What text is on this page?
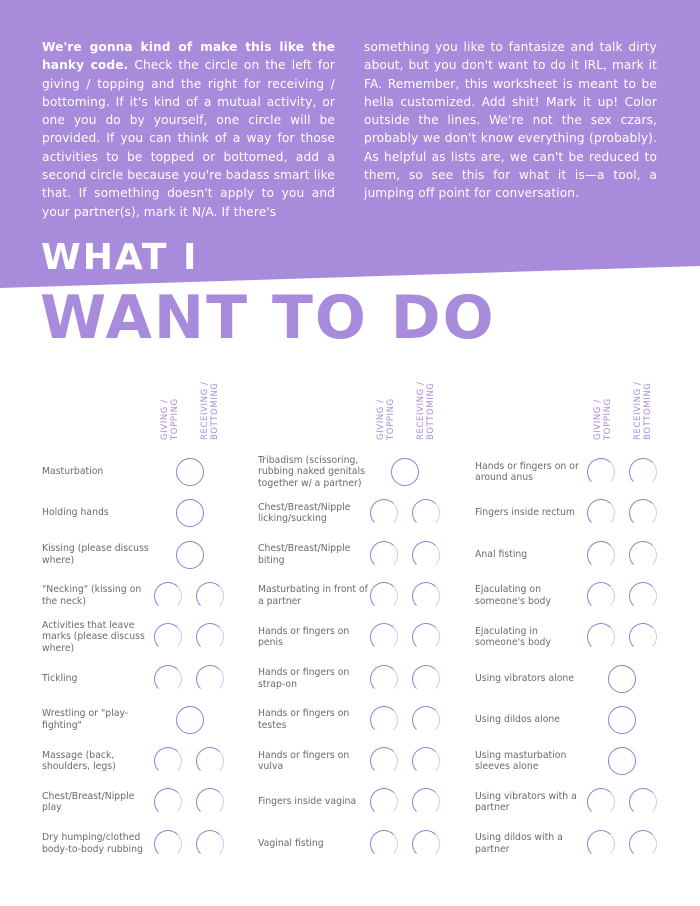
We're gonna kind of make this like the hanky code. Check the circle on the left for giving / topping and the right for receiving / bottoming. If it's kind of a mutual activity, or one you do by yourself, one circle will be provided. If you can think of a way for those activities to be topped or bottomed, add a second circle because you're badass smart like that. If something doesn't apply to you and your partner(s), mark it N/A. If there's
something you like to fantasize and talk dirty about, but you don't want to do it IRL, mark it FA. Remember, this worksheet is meant to be hella customized. Add shit! Mark it up! Color outside the lines. We're not the sex czars, probably we don't know everything (probably). As helpful as lists are, we can't be reduced to them, so see this for what it is—a tool, a jumping off point for conversation.
WHAT I
WANT TO DO
GIVING /
TOPPING RECEIVING /
BOTTOMING	GIVING /
TOPPING RECEIVING /
BOTTOMING	GIVING /
TOPPING RECEIVING /
BOTTOMING
Masturbation
Holding hands
Kissing (please discuss where)
"Necking" (kissing on the neck)
Activities that leave marks (please discuss where)
Tickling
Wrestling or "play-fighting"
Massage (back, shoulders, legs)
Chest/Breast/Nipple play
Dry humping/clothed body-to-body rubbing
Tribadism (scissoring, rubbing naked genitals together w/ a partner)
Chest/Breast/Nipple licking/sucking
Chest/Breast/Nipple biting
Masturbating in front of a partner
Hands or fingers on penis
Hands or fingers on strap-on
Hands or fingers on testes
Hands or fingers on vulva
Fingers inside vagina
Vaginal fisting
Hands or fingers on or around anus
Fingers inside rectum
Anal fisting
Ejaculating on someone's body
Ejaculating in someone's body
Using vibrators alone
Using dildos alone
Using masturbation sleeves alone
Using vibrators with a partner
Using dildos with a partner
